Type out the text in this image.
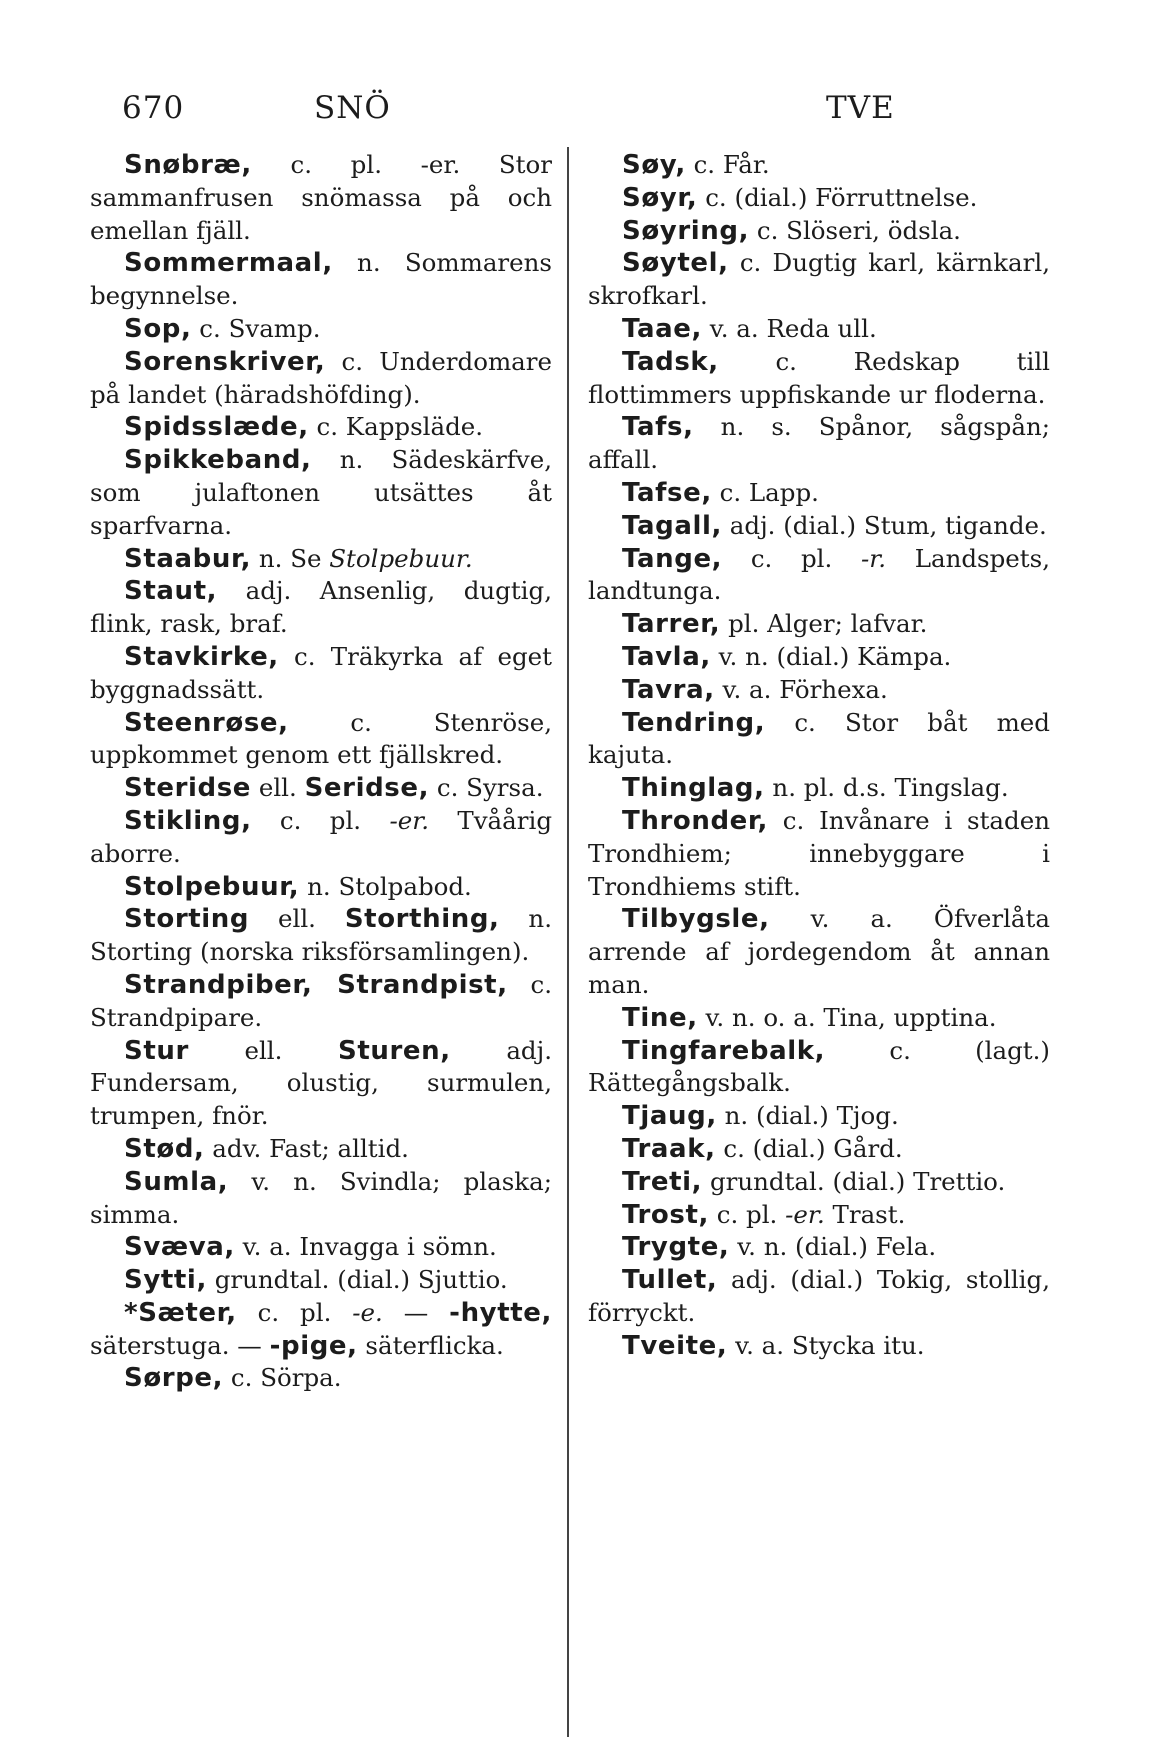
670	SNÖ	TVE

Snøbræ, c. pl. -er. Stor sammanfrusen snömassa på och emellan fjäll.

Sommermaal, n. Sommarens begynnelse.

Sop, c. Svamp.

Sorenskriver, c. Underdomare på landet (häradshöfding).

Spidsslæde, c. Kappsläde.

Spikkeband, n. Sädeskärfve, som julaftonen utsättes åt sparfvarna.

Staabur, n. Se Stolpebuur.

Staut, adj. Ansenlig, dugtig, flink, rask, braf.

Stavkirke, c. Träkyrka af eget byggnadssätt.

Steenrøse, c. Stenröse, uppkommet genom ett fjällskred.

Steridse ell. Seridse, c. Syrsa.

Stikling, c. pl. -er. Tvåårig aborre.

Stolpebuur, n. Stolpabod.

Storting ell. Storthing, n. Storting (norska riksförsamlingen).

Strandpiber, Strandpist, c. Strandpipare.

Stur ell. Sturen, adj. Fundersam, olustig, surmulen, trumpen, fnör.

Stød, adv. Fast; alltid.

Sumla, v. n. Svindla; plaska; simma.

Svæva, v. a. Invagga i sömn.

Sytti, grundtal. (dial.) Sjuttio.

*Sæter, c. pl. -e. — -hytte, säterstuga. — -pige, säterflicka.

Sørpe, c. Sörpa.

Søy, c. Får.

Søyr, c. (dial.) Förruttnelse.

Søyring, c. Slöseri, ödsla.

Søytel, c. Dugtig karl, kärnkarl, skrofkarl.

Taae, v. a. Reda ull.

Tadsk, c. Redskap till flottimmers uppfiskande ur floderna.

Tafs, n. s. Spånor, sågspån; affall.

Tafse, c. Lapp.

Tagall, adj. (dial.) Stum, tigande.

Tange, c. pl. -r. Landspets, landtunga.

Tarrer, pl. Alger; lafvar.

Tavla, v. n. (dial.) Kämpa.

Tavra, v. a. Förhexa.

Tendring, c. Stor båt med kajuta.

Thinglag, n. pl. d.s. Tingslag.

Thronder, c. Invånare i staden Trondhiem; innebyggare i Trondhiems stift.

Tilbygsle, v. a. Öfverlåta arrende af jordegendom åt annan man.

Tine, v. n. o. a. Tina, upptina.

Tingfarebalk, c. (lagt.) Rättegångsbalk.

Tjaug, n. (dial.) Tjog.

Traak, c. (dial.) Gård.

Treti, grundtal. (dial.) Trettio.

Trost, c. pl. -er. Trast.

Trygte, v. n. (dial.) Fela.

Tullet, adj. (dial.) Tokig, stollig, förryckt.

Tveite, v. a. Stycka itu.
